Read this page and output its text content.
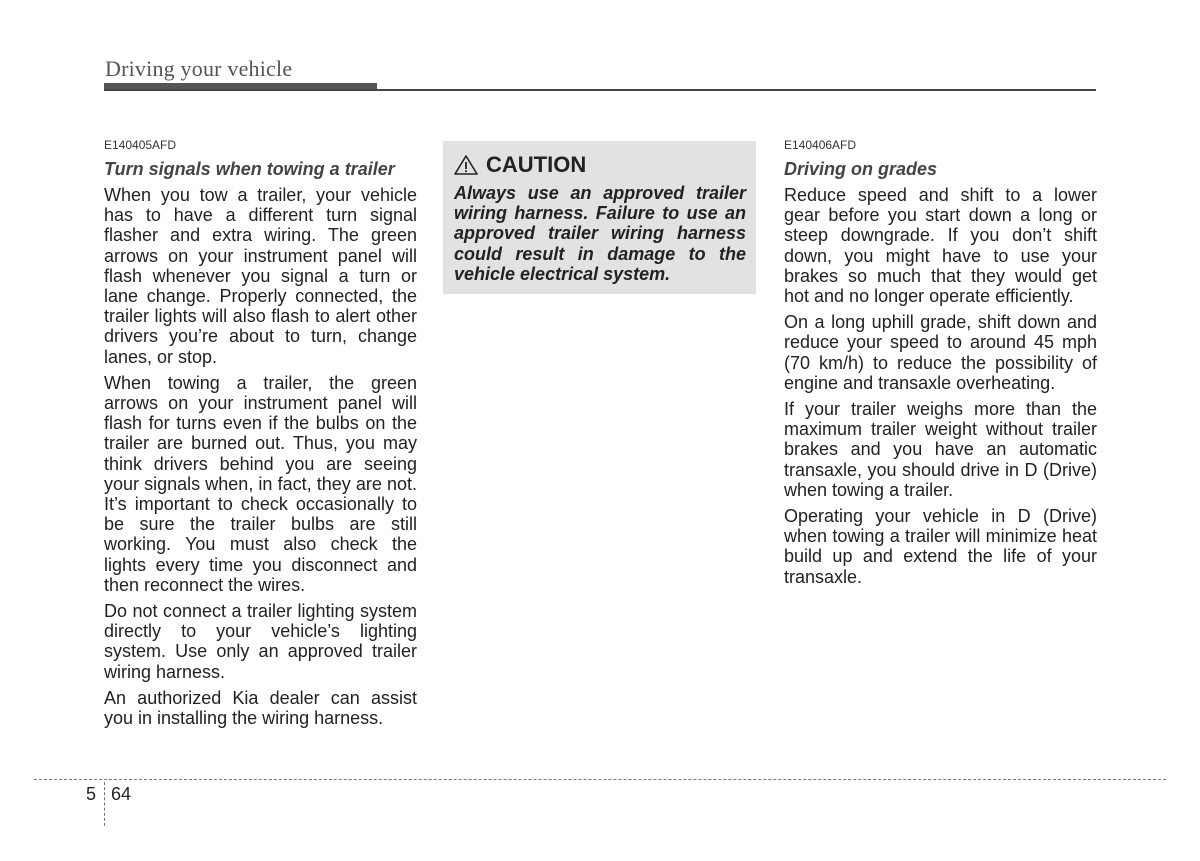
Driving your vehicle
E140405AFD
Turn signals when towing a trailer

When you tow a trailer, your vehicle has to have a different turn signal flasher and extra wiring. The green arrows on your instrument panel will flash whenever you signal a turn or lane change. Properly connected, the trailer lights will also flash to alert other drivers you’re about to turn, change lanes, or stop.

When towing a trailer, the green arrows on your instrument panel will flash for turns even if the bulbs on the trailer are burned out. Thus, you may think drivers behind you are seeing your signals when, in fact, they are not. It’s important to check occasionally to be sure the trailer bulbs are still working. You must also check the lights every time you disconnect and then reconnect the wires.

Do not connect a trailer lighting system directly to your vehicle’s lighting system. Use only an approved trailer wiring harness.

An authorized Kia dealer can assist you in installing the wiring harness.

CAUTION
Always use an approved trailer wiring harness. Failure to use an approved trailer wiring harness could result in damage to the vehicle electrical system.
E140406AFD
Driving on grades

Reduce speed and shift to a lower gear before you start down a long or steep downgrade. If you don’t shift down, you might have to use your brakes so much that they would get hot and no longer operate efficiently.

On a long uphill grade, shift down and reduce your speed to around 45 mph (70 km/h) to reduce the possibility of engine and transaxle overheating.

If your trailer weighs more than the maximum trailer weight without trailer brakes and you have an automatic transaxle, you should drive in D (Drive) when towing a trailer.

Operating your vehicle in D (Drive) when towing a trailer will minimize heat build up and extend the life of your transaxle.

5 64
